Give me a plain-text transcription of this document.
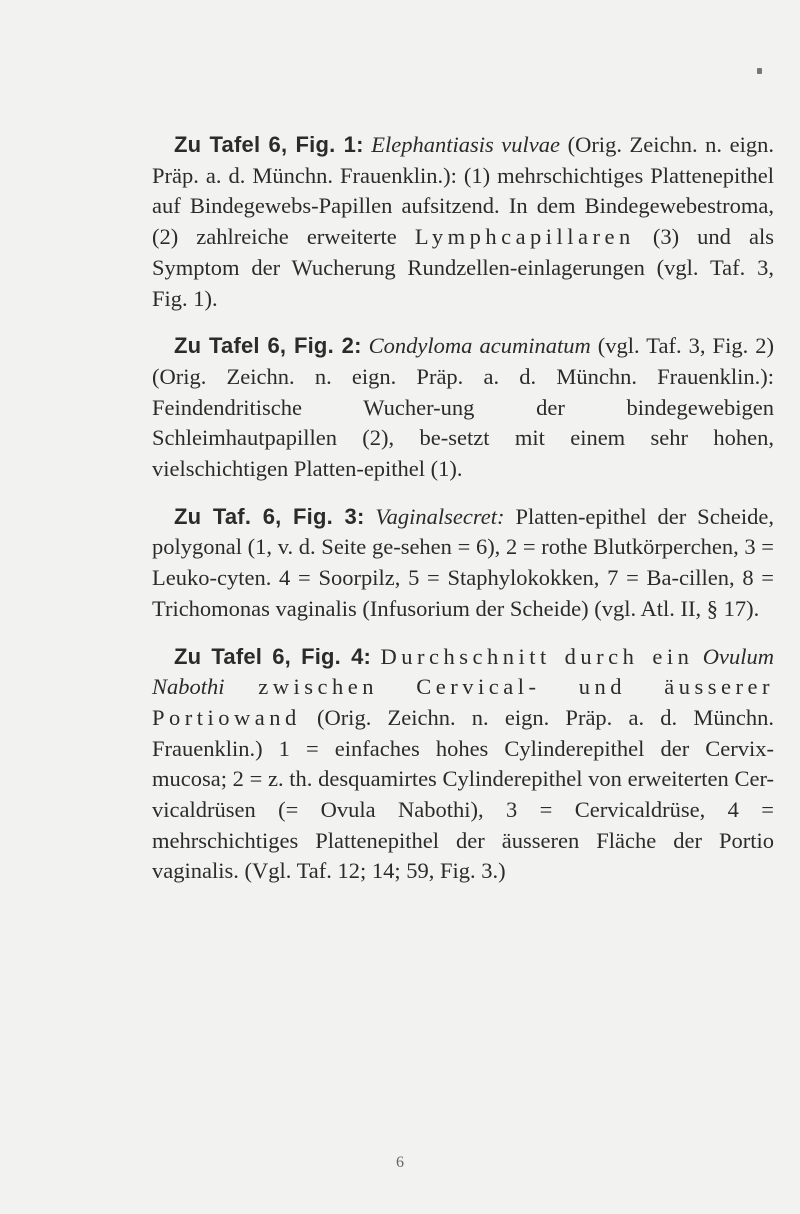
Zu Tafel 6, Fig. 1: Elephantiasis vulvae (Orig. Zeichn. n. eign. Präp. a. d. Münchn. Frauenklin.): (1) mehrschichtiges Plattenepithel auf Bindegewebs-Papillen aufsitzend. In dem Bindegewebestroma, (2) zahlreiche erweiterte Lymphcapillaren (3) und als Symptom der Wucherung Rundzellen-einlagerungen (vgl. Taf. 3, Fig. 1).

Zu Tafel 6, Fig. 2: Condyloma acuminatum (vgl. Taf. 3, Fig. 2) (Orig. Zeichn. n. eign. Präp. a. d. Münchn. Frauenklin.): Feindendritische Wucher-ung der bindegewebigen Schleimhautpapillen (2), be-setzt mit einem sehr hohen, vielschichtigen Platten-epithel (1).

Zu Taf. 6, Fig. 3: Vaginalsecret: Platten-epithel der Scheide, polygonal (1, v. d. Seite ge-sehen = 6), 2 = rothe Blutkörperchen, 3 = Leuko-cyten. 4 = Soorpilz, 5 = Staphylokokken, 7 = Ba-cillen, 8 = Trichomonas vaginalis (Infusorium der Scheide) (vgl. Atl. II, § 17).

Zu Tafel 6, Fig. 4: Durchschnitt durch ein Ovulum Nabothi zwischen Cervical- und äusserer Portiowand (Orig. Zeichn. n. eign. Präp. a. d. Münchn. Frauenklin.) 1 = einfaches hohes Cylinderepithel der Cervix-mucosa; 2 = z. th. desquamirtes Cylinderepithel von erweiterten Cer-vicaldrüsen (= Ovula Nabothi), 3 = Cervicaldrüse, 4 = mehrschichtiges Plattenepithel der äusseren Fläche der Portio vaginalis. (Vgl. Taf. 12; 14; 59, Fig. 3.)

6
